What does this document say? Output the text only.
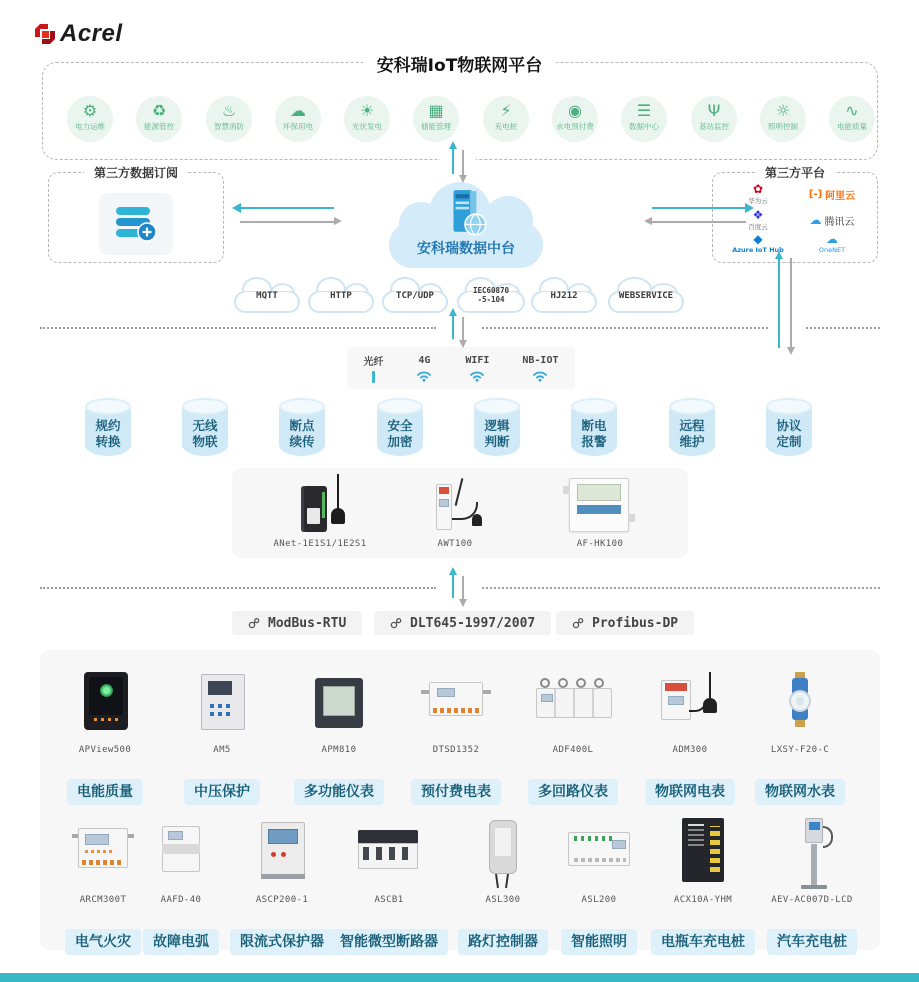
Acrel
安科瑞IoT物联网平台
⚙
电力运维
♻
能源管控
♨
智慧消防
☁
环保用电
☀
光伏发电
▦
储能管理
⚡
充电桩
◉
水电预付费
☰
数据中心
Ψ
基站监控
☼
照明控制
∿
电能质量
第三方数据订阅
安科瑞数据中台
第三方平台
✿
华为云
[-] 阿里云
❖
百度云	☁ 腾讯云
◆
Azure IoT Hub
☁
OneNET
MQTT	HTTP	TCP/UDP	IEC60870
-5-104	HJ212	WEBSERVICE
光纤	4G	WIFI	NB-IOT
规约
转换
无线
物联
断点
续传
安全
加密
逻辑
判断
断电
报警
远程
维护
协议
定制
ANet-1E1S1/1E2S1	AWT100	AF-HK100
ModBus-RTU	DLT645-1997/2007	Profibus-DP
APView500

电能质量
AM5

中压保护
APM810

多功能仪表
DTSD1352

预付费电表
ADF400L

多回路仪表
ADM300

物联网电表
LXSY-F20-C

物联网水表
ARCM300T

电气火灾
AAFD-40

故障电弧
ASCP200-1

限流式保护器
ASCB1

智能微型断路器
ASL300

路灯控制器
ASL200

智能照明
ACX10A-YHM

电瓶车充电桩
AEV-AC007D-LCD

汽车充电桩
